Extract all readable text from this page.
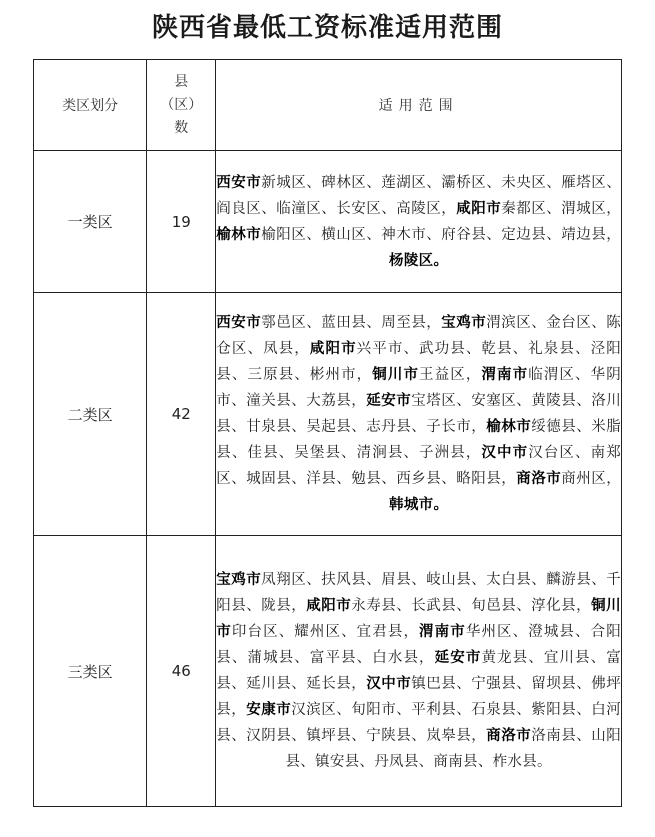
陕西省最低工资标准适用范围
类区划分	县
（区）
数	适用范围
一类区	19	西安市新城区、碑林区、莲湖区、灞桥区、未央区、雁塔区、阎良区、临潼区、长安区、高陵区，咸阳市秦都区、渭城区，榆林市榆阳区、横山区、神木市、府谷县、定边县、靖边县，杨陵区。

二类区	42	西安市鄠邑区、蓝田县、周至县，宝鸡市渭滨区、金台区、陈仓区、凤县，咸阳市兴平市、武功县、乾县、礼泉县、泾阳县、三原县、彬州市，铜川市王益区，渭南市临渭区、华阴市、潼关县、大荔县，延安市宝塔区、安塞区、黄陵县、洛川县、甘泉县、吴起县、志丹县、子长市，榆林市绥德县、米脂县、佳县、吴堡县、清涧县、子洲县，汉中市汉台区、南郑区、城固县、洋县、勉县、西乡县、略阳县，商洛市商州区，韩城市。

三类区	46	宝鸡市凤翔区、扶风县、眉县、岐山县、太白县、麟游县、千阳县、陇县，咸阳市永寿县、长武县、旬邑县、淳化县，铜川市印台区、耀州区、宜君县，渭南市华州区、澄城县、合阳县、蒲城县、富平县、白水县，延安市黄龙县、宜川县、富县、延川县、延长县，汉中市镇巴县、宁强县、留坝县、佛坪县，安康市汉滨区、旬阳市、平利县、石泉县、紫阳县、白河县、汉阴县、镇坪县、宁陕县、岚皋县，商洛市洛南县、山阳县、镇安县、丹凤县、商南县、柞水县。
